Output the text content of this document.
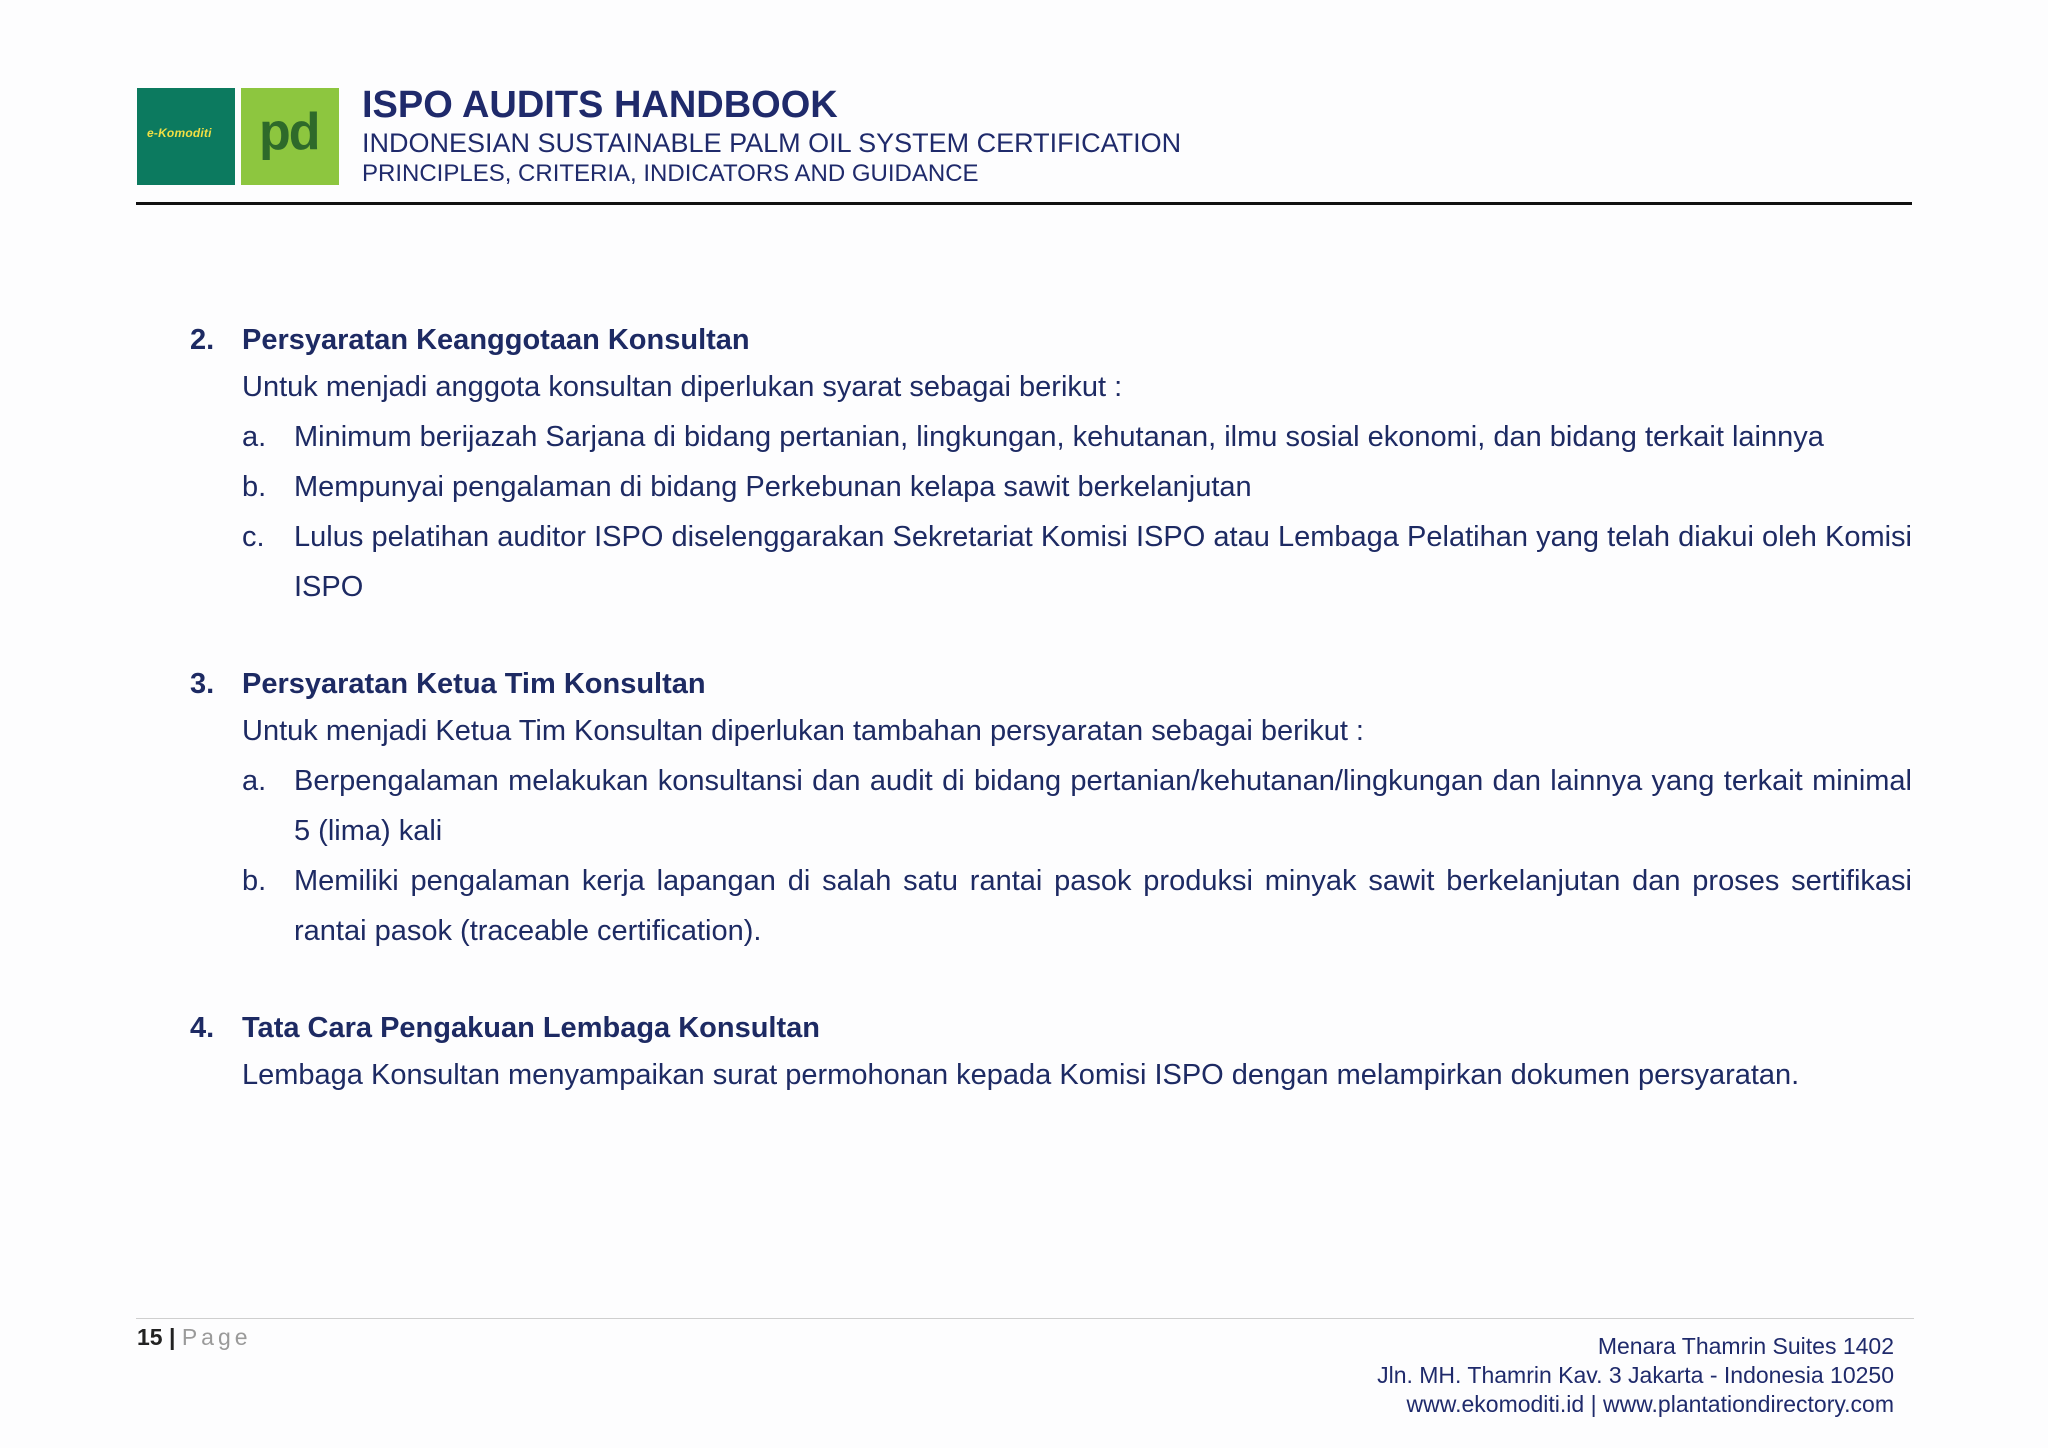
e-Komoditi pd ISPO AUDITS HANDBOOK
INDONESIAN SUSTAINABLE PALM OIL SYSTEM CERTIFICATION
PRINCIPLES, CRITERIA, INDICATORS AND GUIDANCE
2. Persyaratan Keanggotaan Konsultan
Untuk menjadi anggota konsultan diperlukan syarat sebagai berikut :
a. Minimum berijazah Sarjana di bidang pertanian, lingkungan, kehutanan, ilmu sosial ekonomi, dan bidang terkait lainnya
b. Mempunyai pengalaman di bidang Perkebunan kelapa sawit berkelanjutan
c.	Lulus pelatihan auditor ISPO diselenggarakan Sekretariat Komisi ISPO atau Lembaga Pelatihan yang telah diakui oleh Komisi ISPO
3. Persyaratan Ketua Tim Konsultan
Untuk menjadi Ketua Tim Konsultan diperlukan tambahan persyaratan sebagai berikut :
a. Berpengalaman melakukan konsultansi dan audit di bidang pertanian/kehutanan/lingkungan dan lainnya yang terkait minimal 5 (lima) kali
b. Memiliki pengalaman kerja lapangan di salah satu rantai pasok produksi minyak sawit berkelanjutan dan proses sertifikasi rantai pasok (traceable certification).
4. Tata Cara Pengakuan Lembaga Konsultan
Lembaga Konsultan menyampaikan surat permohonan kepada Komisi ISPO dengan melampirkan dokumen persyaratan.
15 | Page	Menara Thamrin Suites 1402
Jln. MH. Thamrin Kav. 3 Jakarta - Indonesia 10250
www.ekomoditi.id | www.plantationdirectory.com
